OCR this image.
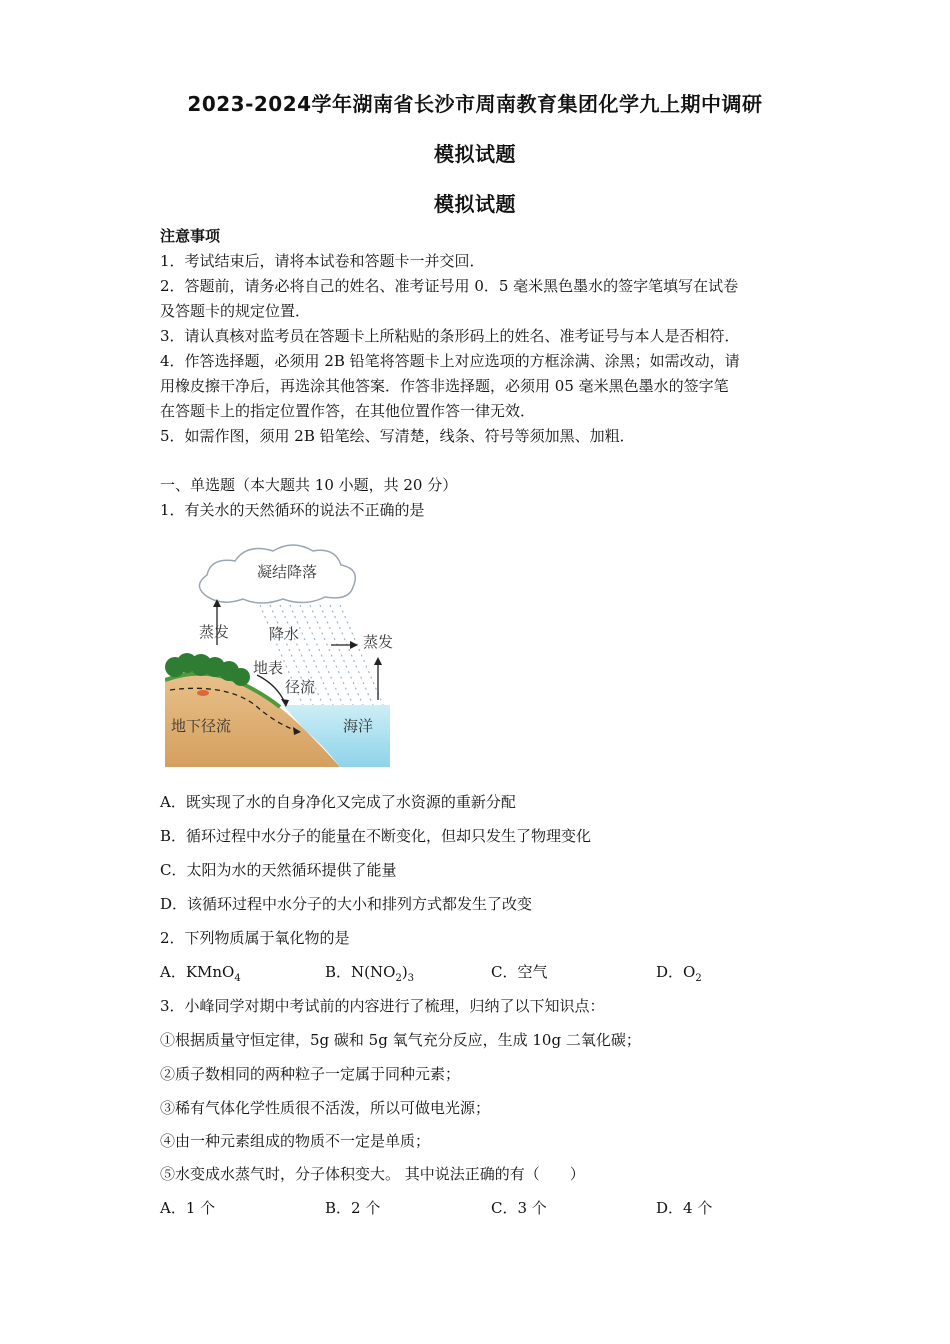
2023-2024学年湖南省长沙市周南教育集团化学九上期中调研
模拟试题
模拟试题
注意事项
1．考试结束后，请将本试卷和答题卡一并交回．
2．答题前，请务必将自己的姓名、准考证号用 0．5 毫米黑色墨水的签字笔填写在试卷
及答题卡的规定位置．
3．请认真核对监考员在答题卡上所粘贴的条形码上的姓名、准考证号与本人是否相符．
4．作答选择题，必须用 2B 铅笔将答题卡上对应选项的方框涂满、涂黑；如需改动，请
用橡皮擦干净后，再选涂其他答案．作答非选择题，必须用 05 毫米黑色墨水的签字笔
在答题卡上的指定位置作答，在其他位置作答一律无效．
5．如需作图，须用 2B 铅笔绘、写清楚，线条、符号等须加黑、加粗．
一、单选题（本大题共 10 小题，共 20 分）
1．有关水的天然循环的说法不正确的是
凝结降落
蒸发	降水	蒸发
地表
径流
地下径流	海洋
A．既实现了水的自身净化又完成了水资源的重新分配
B．循环过程中水分子的能量在不断变化，但却只发生了物理变化
C．太阳为水的天然循环提供了能量
D．该循环过程中水分子的大小和排列方式都发生了改变
2．下列物质属于氧化物的是
A．KMnO$_4$	B．$N(NO_2)_3$	C．空气	D．$O_2$
3．小峰同学对期中考试前的内容进行了梳理，归纳了以下知识点：
①根据质量守恒定律，5g 碳和 5g 氧气充分反应，生成 10g 二氧化碳；
②质子数相同的两种粒子一定属于同种元素；
③稀有气体化学性质很不活泼，所以可做电光源；
④由一种元素组成的物质不一定是单质；
⑤水变成水蒸气时，分子体积变大。 其中说法正确的有（　　）
A．1 个	B．2 个	C．3 个	D．4 个
